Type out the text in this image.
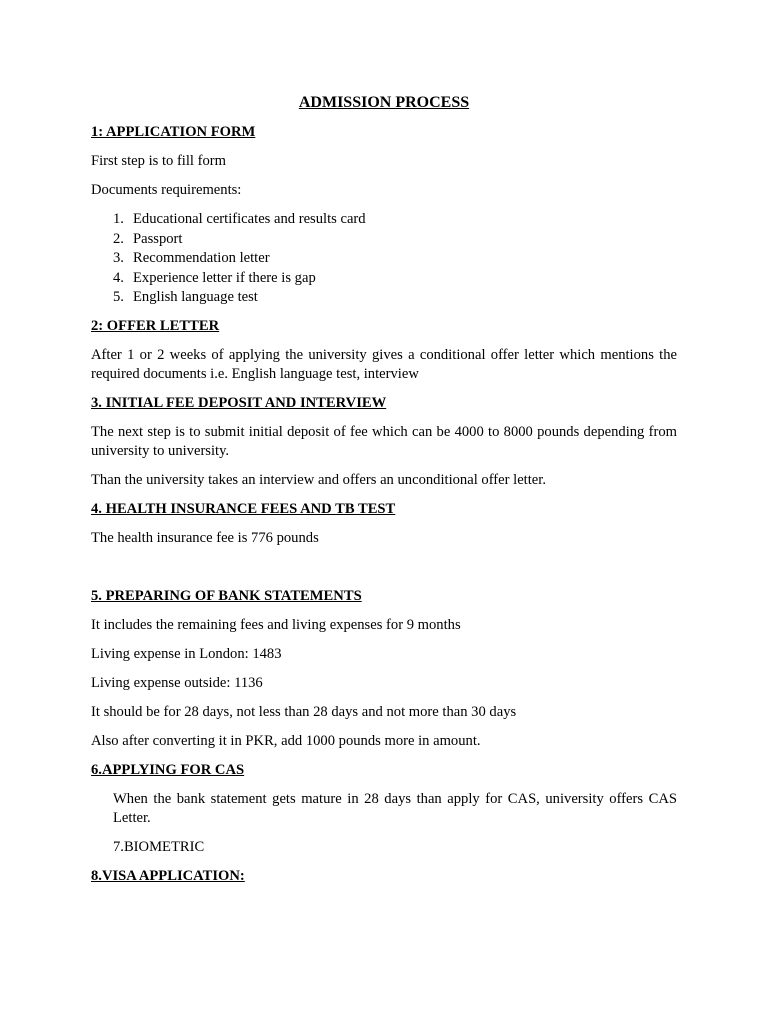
ADMISSION PROCESS
1: APPLICATION FORM
First step is to fill form
Documents requirements:
1. Educational certificates and results card
2. Passport
3. Recommendation letter
4. Experience letter if there is gap
5. English language test
2: OFFER LETTER
After 1 or 2 weeks of applying the university gives a conditional offer letter which mentions the required documents i.e. English language test, interview
3. INITIAL FEE DEPOSIT AND INTERVIEW
The next step is to submit initial deposit of fee which can be 4000 to 8000 pounds depending from university to university.
Than the university takes an interview and offers an unconditional offer letter.
4. HEALTH INSURANCE FEES AND TB TEST
The health insurance fee is 776 pounds
5. PREPARING OF BANK STATEMENTS
It includes the remaining fees and living expenses for 9 months
Living expense in London: 1483
Living expense outside: 1136
It should be for 28 days, not less than 28 days and not more than 30 days
Also after converting it in PKR, add 1000 pounds more in amount.
6.APPLYING FOR CAS
When the bank statement gets mature in 28 days than apply for CAS, university offers CAS Letter.
7.BIOMETRIC
8.VISA APPLICATION:
